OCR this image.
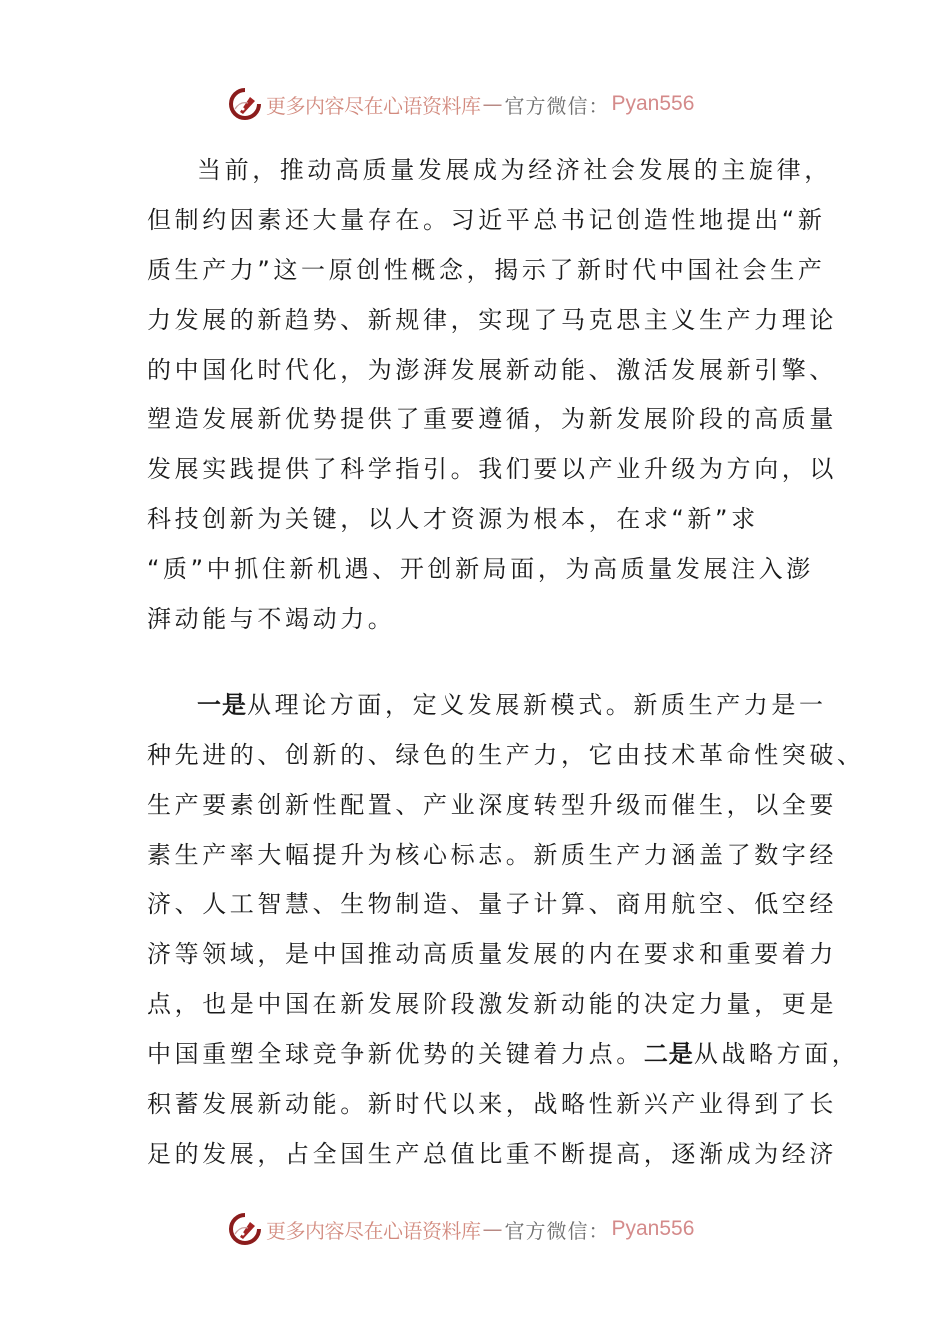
更多内容尽在心语资料库 — 官方微信： Pyan556
当前，推动高质量发展成为经济社会发展的主旋律，
但制约因素还大量存在。习近平总书记创造性地提出“新
质生产力”这一原创性概念，揭示了新时代中国社会生产
力发展的新趋势、新规律，实现了马克思主义生产力理论
的中国化时代化，为澎湃发展新动能、激活发展新引擎、
塑造发展新优势提供了重要遵循，为新发展阶段的高质量
发展实践提供了科学指引。我们要以产业升级为方向，以
科技创新为关键，以人才资源为根本，在求“新”求
“质”中抓住新机遇、开创新局面，为高质量发展注入澎
湃动能与不竭动力。
一是从理论方面，定义发展新模式。新质生产力是一
种先进的、创新的、绿色的生产力，它由技术革命性突破、
生产要素创新性配置、产业深度转型升级而催生，以全要
素生产率大幅提升为核心标志。新质生产力涵盖了数字经
济、人工智慧、生物制造、量子计算、商用航空、低空经
济等领域，是中国推动高质量发展的内在要求和重要着力
点，也是中国在新发展阶段激发新动能的决定力量，更是
中国重塑全球竞争新优势的关键着力点。二是从战略方面，
积蓄发展新动能。新时代以来，战略性新兴产业得到了长
足的发展，占全国生产总值比重不断提高，逐渐成为经济
更多内容尽在心语资料库 — 官方微信： Pyan556
